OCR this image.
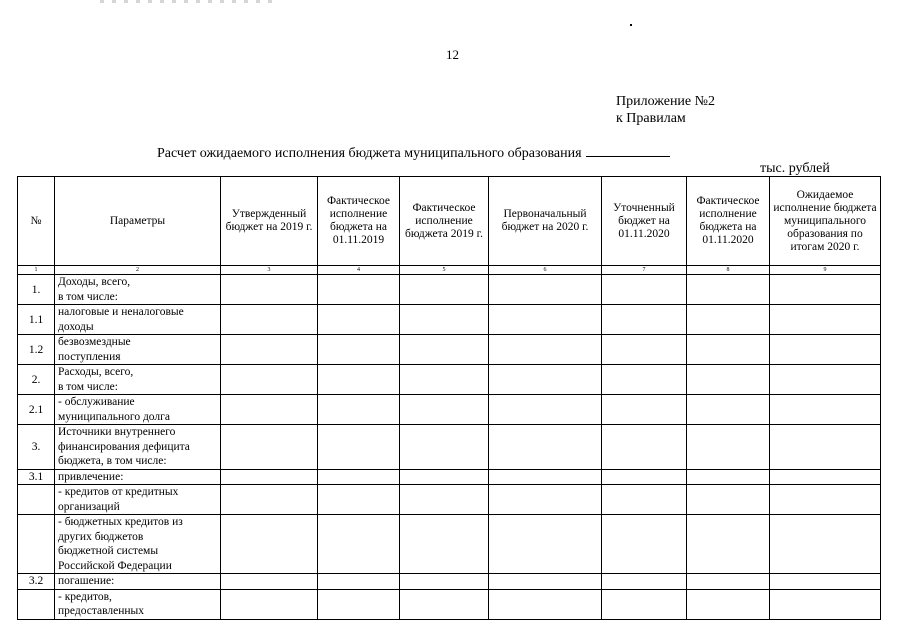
12
Приложение №2
к Правилам
Расчет ожидаемого исполнения бюджета муниципального образования
тыс. рублей
№	Параметры	Утвержденный бюджет на 2019 г.	Фактическое исполнение бюджета на 01.11.2019	Фактическое исполнение бюджета 2019 г.	Первоначальный бюджет на 2020 г.	Уточненный бюджет на 01.11.2020	Фактическое исполнение бюджета на 01.11.2020	Ожидаемое исполнение бюджета муниципального образования по итогам 2020 г.
1	2	3	4	5	6	7	8	9
1.	Доходы, всего,
в том числе:							

1.1	налоговые и неналоговые
доходы							

1.2	безвозмездные
поступления							

2.	Расходы, всего,
в том числе:							

2.1	- обслуживание
муниципального долга							

3.	Источники внутреннего
финансирования дефицита
бюджета, в том числе:							

3.1	привлечение:							

	- кредитов от кредитных
организаций							

	- бюджетных кредитов из
других бюджетов
бюджетной системы
Российской Федерации							

3.2	погашение:							

	- кредитов,
предоставленных							
